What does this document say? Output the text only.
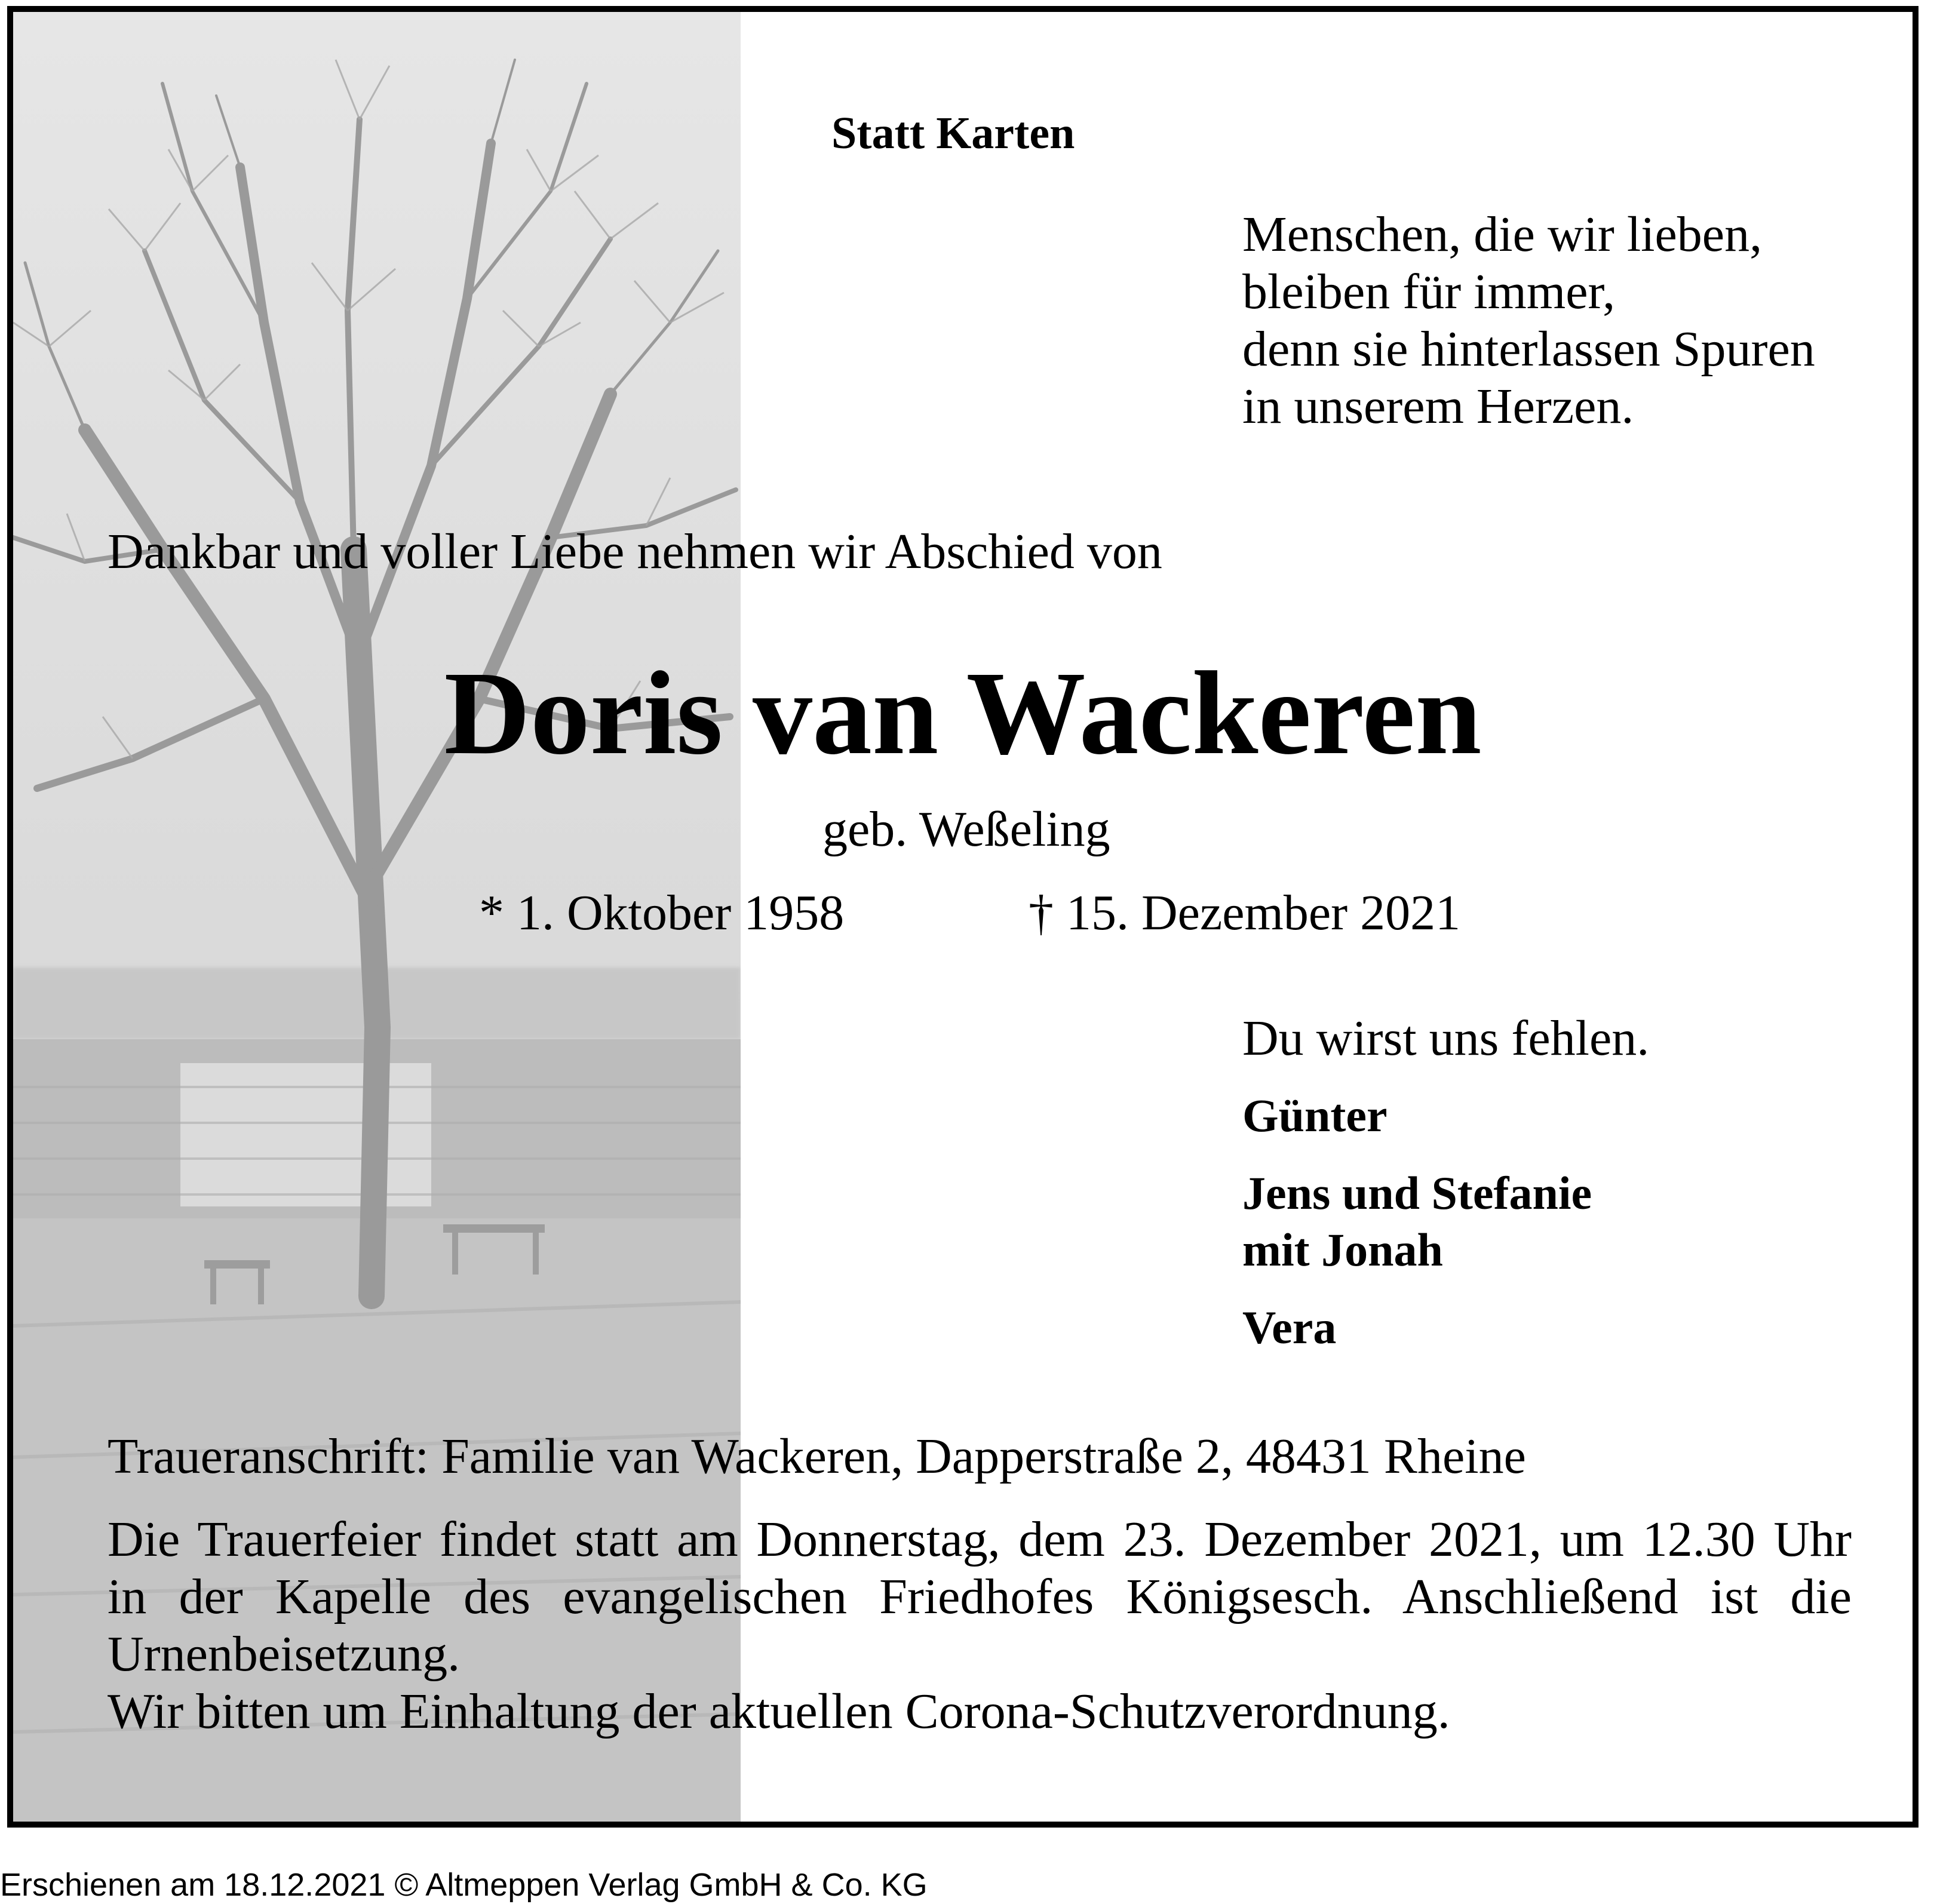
Statt Karten
Menschen, die wir lieben,
bleiben für immer,
denn sie hinterlassen Spuren
in unserem Herzen.
Dankbar und voller Liebe nehmen wir Abschied von
Doris van Wackeren
geb. Weßeling
* 1. Oktober 1958	† 15. Dezember 2021
Du wirst uns fehlen.
Günter
Jens und Stefanie
mit Jonah
Vera
Traueranschrift: Familie van Wackeren, Dapperstraße 2, 48431 Rheine
Die Trauerfeier findet statt am Donnerstag, dem 23. Dezember 2021, um 12.30 Uhr
in der Kapelle des evangelischen Friedhofes Königsesch. Anschließend ist die
Urnenbeisetzung.
Wir bitten um Einhaltung der aktuellen Corona-Schutzverordnung.
Erschienen am 18.12.2021 © Altmeppen Verlag GmbH & Co. KG
